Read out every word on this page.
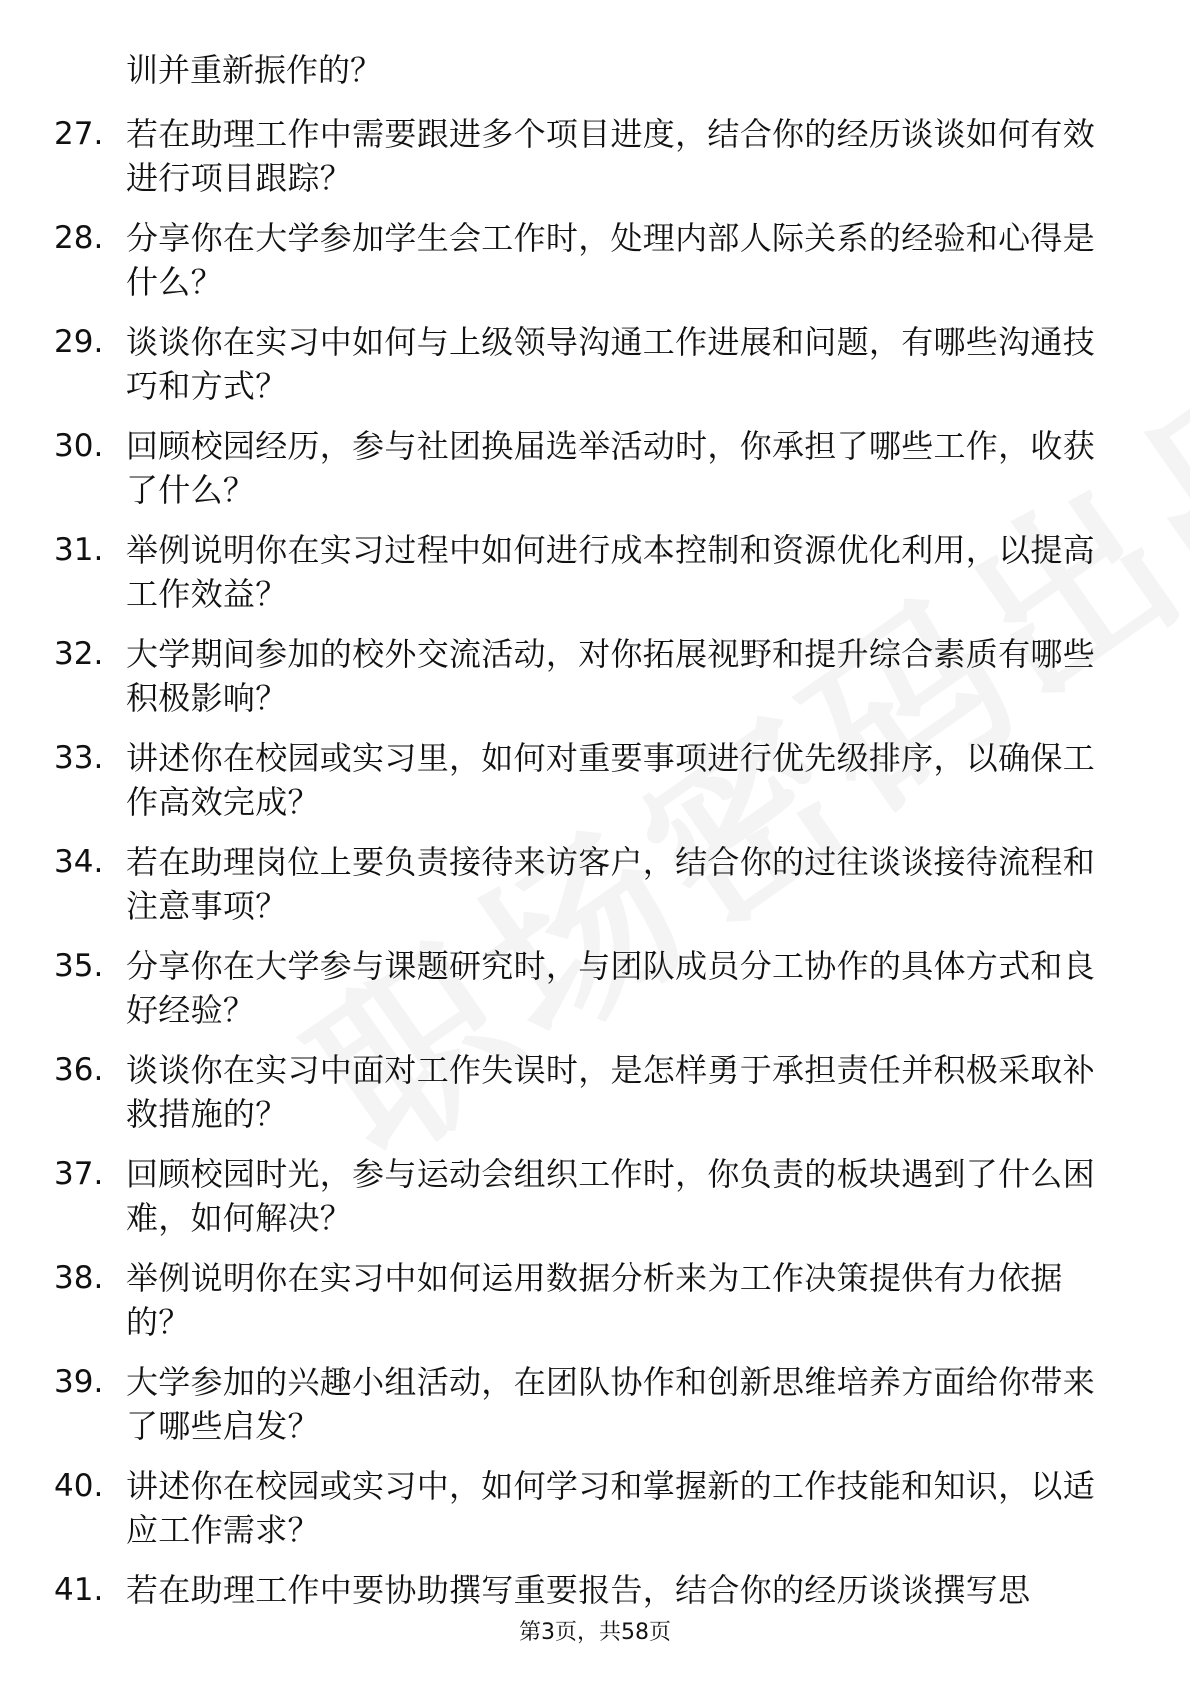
训并重新振作的？
27. 若在助理工作中需要跟进多个项目进度，结合你的经历谈谈如何有效进行项目跟踪？
28. 分享你在大学参加学生会工作时，处理内部人际关系的经验和心得是什么？
29. 谈谈你在实习中如何与上级领导沟通工作进展和问题，有哪些沟通技巧和方式？
30. 回顾校园经历，参与社团换届选举活动时，你承担了哪些工作，收获了什么？
31. 举例说明你在实习过程中如何进行成本控制和资源优化利用，以提高工作效益？
32. 大学期间参加的校外交流活动，对你拓展视野和提升综合素质有哪些积极影响？
33. 讲述你在校园或实习里，如何对重要事项进行优先级排序，以确保工作高效完成？
34. 若在助理岗位上要负责接待来访客户，结合你的过往谈谈接待流程和注意事项？
35. 分享你在大学参与课题研究时，与团队成员分工协作的具体方式和良好经验？
36. 谈谈你在实习中面对工作失误时，是怎样勇于承担责任并积极采取补救措施的？
37. 回顾校园时光，参与运动会组织工作时，你负责的板块遇到了什么困难，如何解决？
38. 举例说明你在实习中如何运用数据分析来为工作决策提供有力依据的？
39. 大学参加的兴趣小组活动，在团队协作和创新思维培养方面给你带来了哪些启发？
40. 讲述你在校园或实习中，如何学习和掌握新的工作技能和知识，以适应工作需求？
41. 若在助理工作中要协助撰写重要报告，结合你的经历谈谈撰写思
第3页，共58页
